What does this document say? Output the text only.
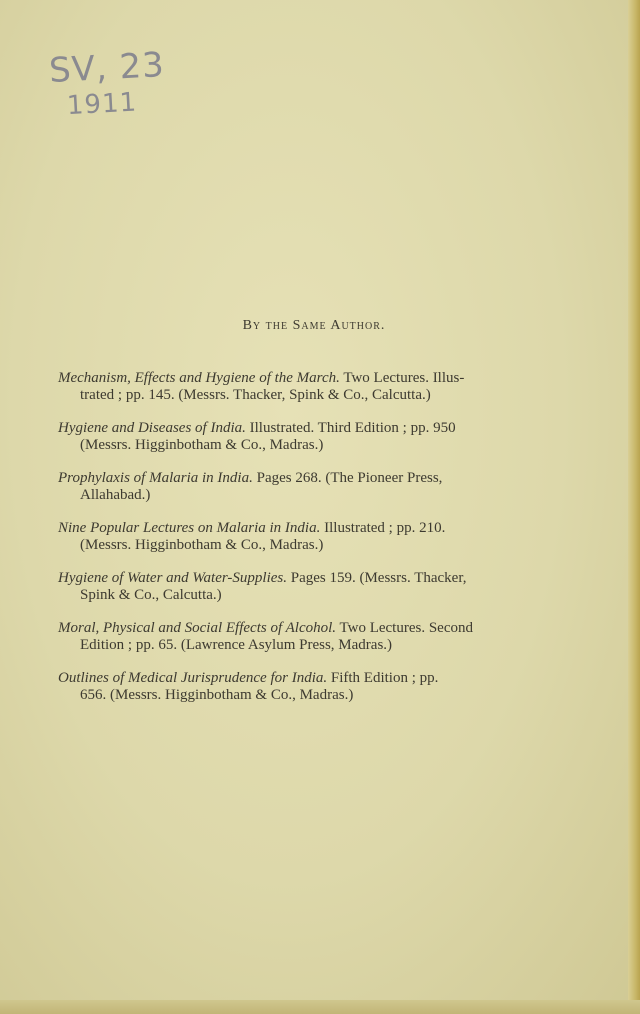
SV, 23
1911
By the Same Author.
Mechanism, Effects and Hygiene of the March. Two Lectures. Illus-
trated ; pp. 145. (Messrs. Thacker, Spink & Co., Calcutta.)
Hygiene and Diseases of India. Illustrated. Third Edition ; pp. 950
(Messrs. Higginbotham & Co., Madras.)
Prophylaxis of Malaria in India. Pages 268. (The Pioneer Press,
Allahabad.)
Nine Popular Lectures on Malaria in India. Illustrated ; pp. 210.
(Messrs. Higginbotham & Co., Madras.)
Hygiene of Water and Water-Supplies. Pages 159. (Messrs. Thacker,
Spink & Co., Calcutta.)
Moral, Physical and Social Effects of Alcohol. Two Lectures. Second
Edition ; pp. 65. (Lawrence Asylum Press, Madras.)
Outlines of Medical Jurisprudence for India. Fifth Edition ; pp.
656. (Messrs. Higginbotham & Co., Madras.)
